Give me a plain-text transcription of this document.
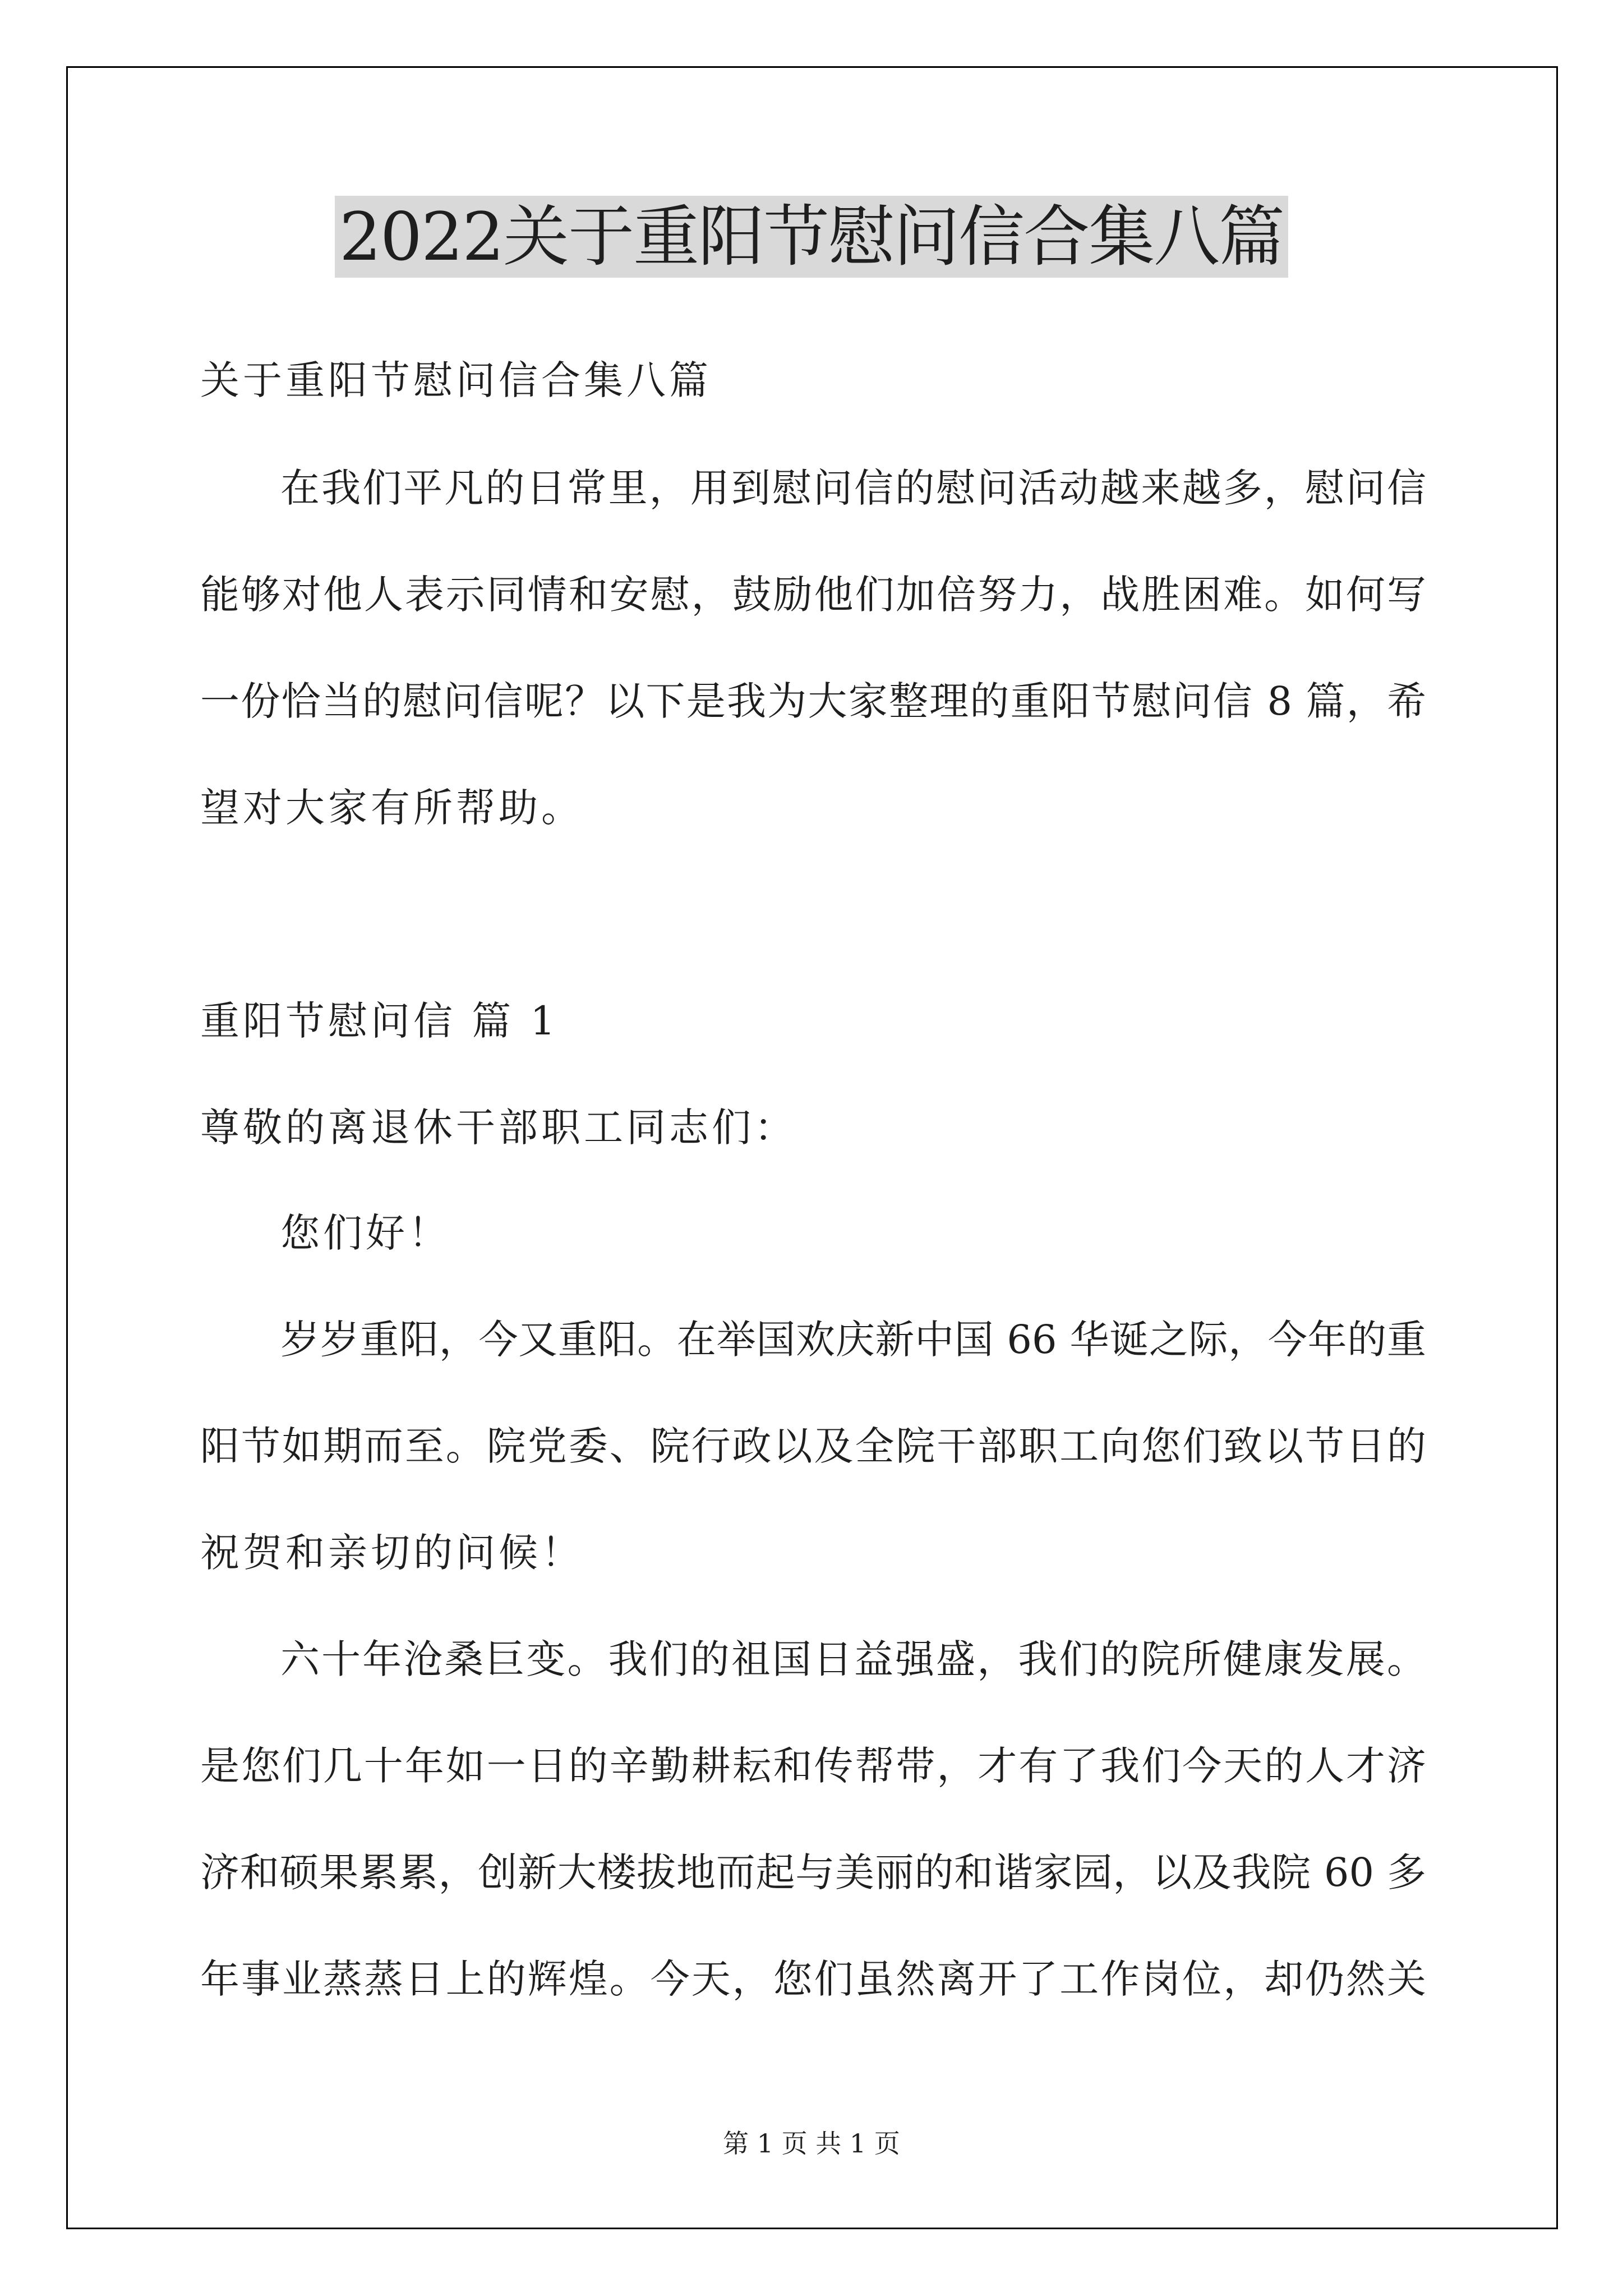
2022关于重阳节慰问信合集八篇
关于重阳节慰问信合集八篇
在我们平凡的日常里，用到慰问信的慰问活动越来越多，慰问信
能够对他人表示同情和安慰，鼓励他们加倍努力，战胜困难。如何写
一份恰当的慰问信呢？以下是我为大家整理的重阳节慰问信 8 篇，希
望对大家有所帮助。
重阳节慰问信 篇 1
尊敬的离退休干部职工同志们：
您们好！
岁岁重阳，今又重阳。在举国欢庆新中国 66 华诞之际，今年的重
阳节如期而至。院党委、院行政以及全院干部职工向您们致以节日的
祝贺和亲切的问候！
六十年沧桑巨变。我们的祖国日益强盛，我们的院所健康发展。
是您们几十年如一日的辛勤耕耘和传帮带，才有了我们今天的人才济
济和硕果累累，创新大楼拔地而起与美丽的和谐家园，以及我院 60 多
年事业蒸蒸日上的辉煌。今天，您们虽然离开了工作岗位，却仍然关
第 1 页 共 1 页
